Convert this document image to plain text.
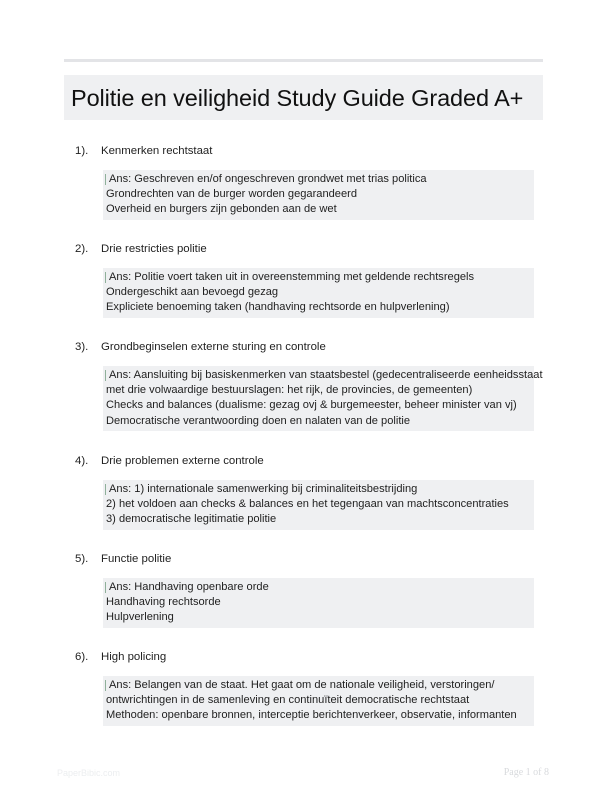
Politie en veiligheid Study Guide Graded A+
1). Kenmerken rechtstaat
Ans: Geschreven en/of ongeschreven grondwet met trias politica
Grondrechten van de burger worden gegarandeerd
Overheid en burgers zijn gebonden aan de wet
2). Drie restricties politie
Ans: Politie voert taken uit in overeenstemming met geldende rechtsregels
Ondergeschikt aan bevoegd gezag
Expliciete benoeming taken (handhaving rechtsorde en hulpverlening)
3). Grondbeginselen externe sturing en controle
Ans: Aansluiting bij basiskenmerken van staatsbestel (gedecentraliseerde eenheidsstaat
met drie volwaardige bestuurslagen: het rijk, de provincies, de gemeenten)
Checks and balances (dualisme: gezag ovj & burgemeester, beheer minister van vj)
Democratische verantwoording doen en nalaten van de politie
4). Drie problemen externe controle
Ans: 1) internationale samenwerking bij criminaliteitsbestrijding
2) het voldoen aan checks & balances en het tegengaan van machtsconcentraties
3) democratische legitimatie politie
5). Functie politie
Ans: Handhaving openbare orde
Handhaving rechtsorde
Hulpverlening
6). High policing
Ans: Belangen van de staat. Het gaat om de nationale veiligheid, verstoringen/
ontwrichtingen in de samenleving en continuïteit democratische rechtstaat
Methoden: openbare bronnen, interceptie berichtenverkeer, observatie, informanten
PaperBibic.com	Page 1 of 8
